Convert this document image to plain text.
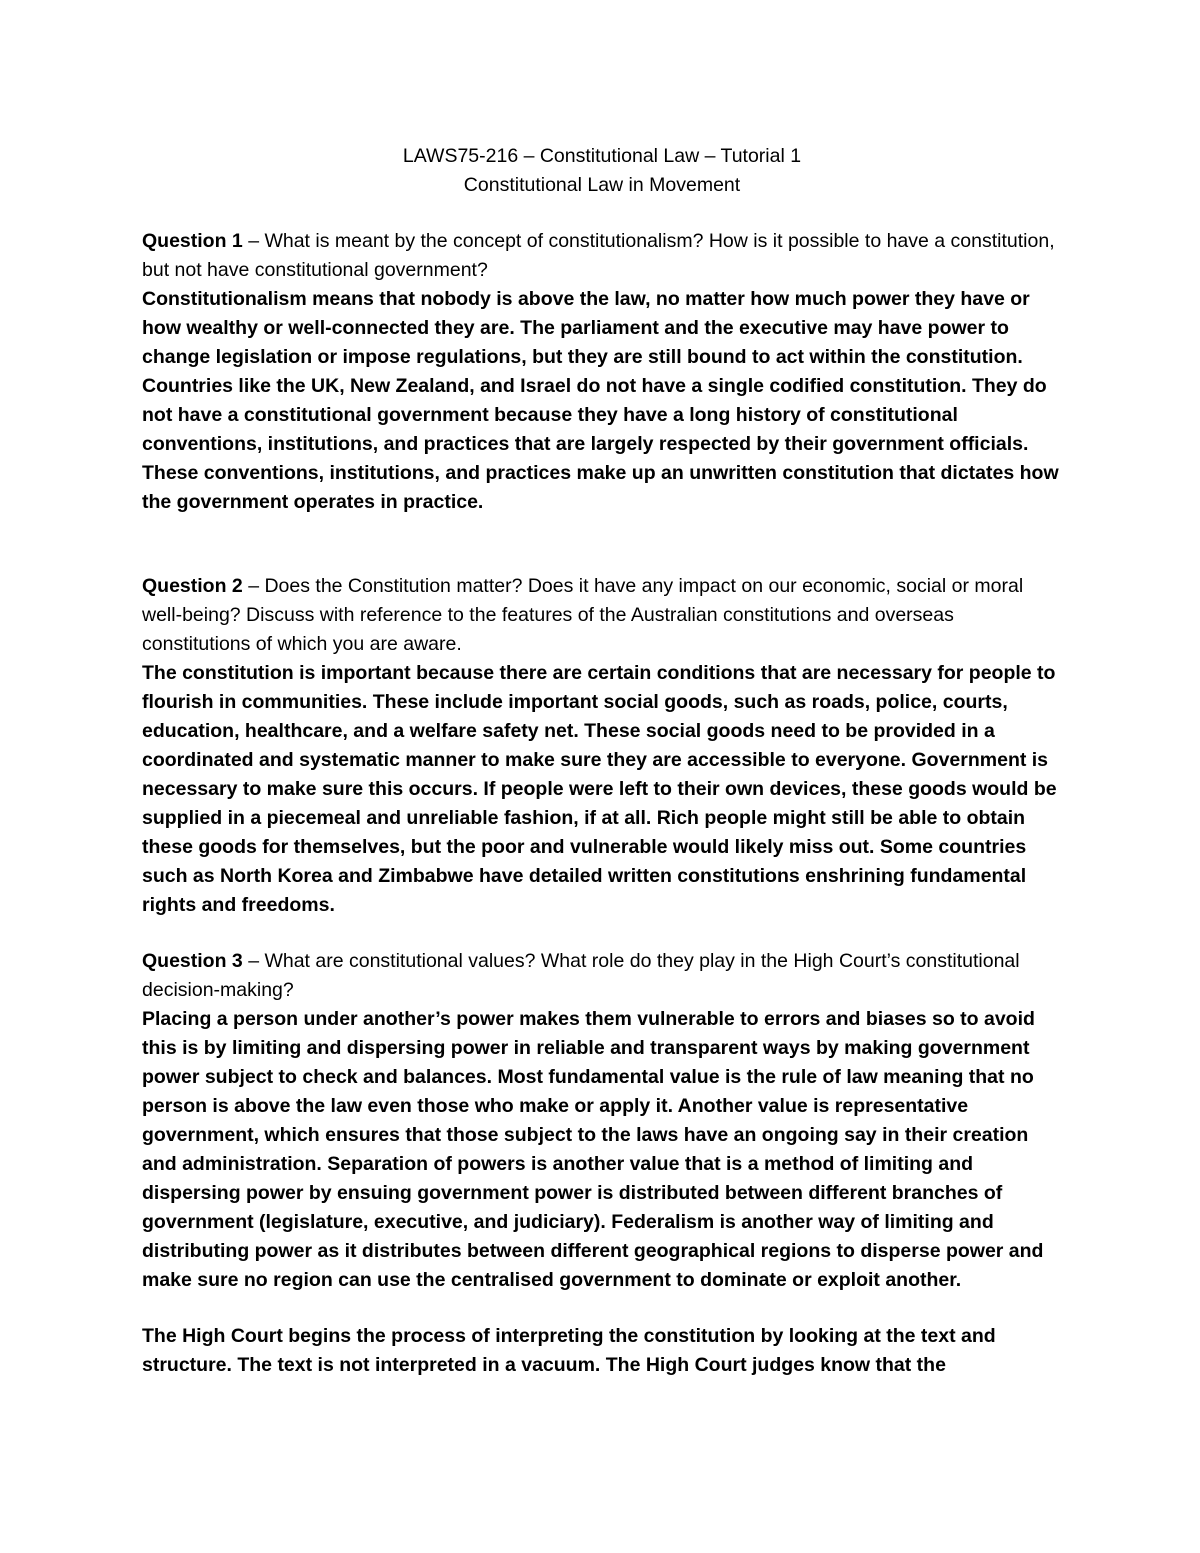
LAWS75-216 – Constitutional Law – Tutorial 1
Constitutional Law in Movement

Question 1 – What is meant by the concept of constitutionalism? How is it possible to have a constitution, but not have constitutional government?

Constitutionalism means that nobody is above the law, no matter how much power they have or how wealthy or well-connected they are. The parliament and the executive may have power to change legislation or impose regulations, but they are still bound to act within the constitution. Countries like the UK, New Zealand, and Israel do not have a single codified constitution. They do not have a constitutional government because they have a long history of constitutional conventions, institutions, and practices that are largely respected by their government officials. These conventions, institutions, and practices make up an unwritten constitution that dictates how the government operates in practice.

Question 2 – Does the Constitution matter? Does it have any impact on our economic, social or moral well-being? Discuss with reference to the features of the Australian constitutions and overseas constitutions of which you are aware.

The constitution is important because there are certain conditions that are necessary for people to flourish in communities. These include important social goods, such as roads, police, courts, education, healthcare, and a welfare safety net. These social goods need to be provided in a coordinated and systematic manner to make sure they are accessible to everyone. Government is necessary to make sure this occurs. If people were left to their own devices, these goods would be supplied in a piecemeal and unreliable fashion, if at all. Rich people might still be able to obtain these goods for themselves, but the poor and vulnerable would likely miss out. Some countries such as North Korea and Zimbabwe have detailed written constitutions enshrining fundamental rights and freedoms.

Question 3 – What are constitutional values? What role do they play in the High Court’s constitutional decision-making?

Placing a person under another’s power makes them vulnerable to errors and biases so to avoid this is by limiting and dispersing power in reliable and transparent ways by making government power subject to check and balances. Most fundamental value is the rule of law meaning that no person is above the law even those who make or apply it. Another value is representative government, which ensures that those subject to the laws have an ongoing say in their creation and administration. Separation of powers is another value that is a method of limiting and dispersing power by ensuing government power is distributed between different branches of government (legislature, executive, and judiciary). Federalism is another way of limiting and distributing power as it distributes between different geographical regions to disperse power and make sure no region can use the centralised government to dominate or exploit another.

The High Court begins the process of interpreting the constitution by looking at the text and structure. The text is not interpreted in a vacuum. The High Court judges know that the
